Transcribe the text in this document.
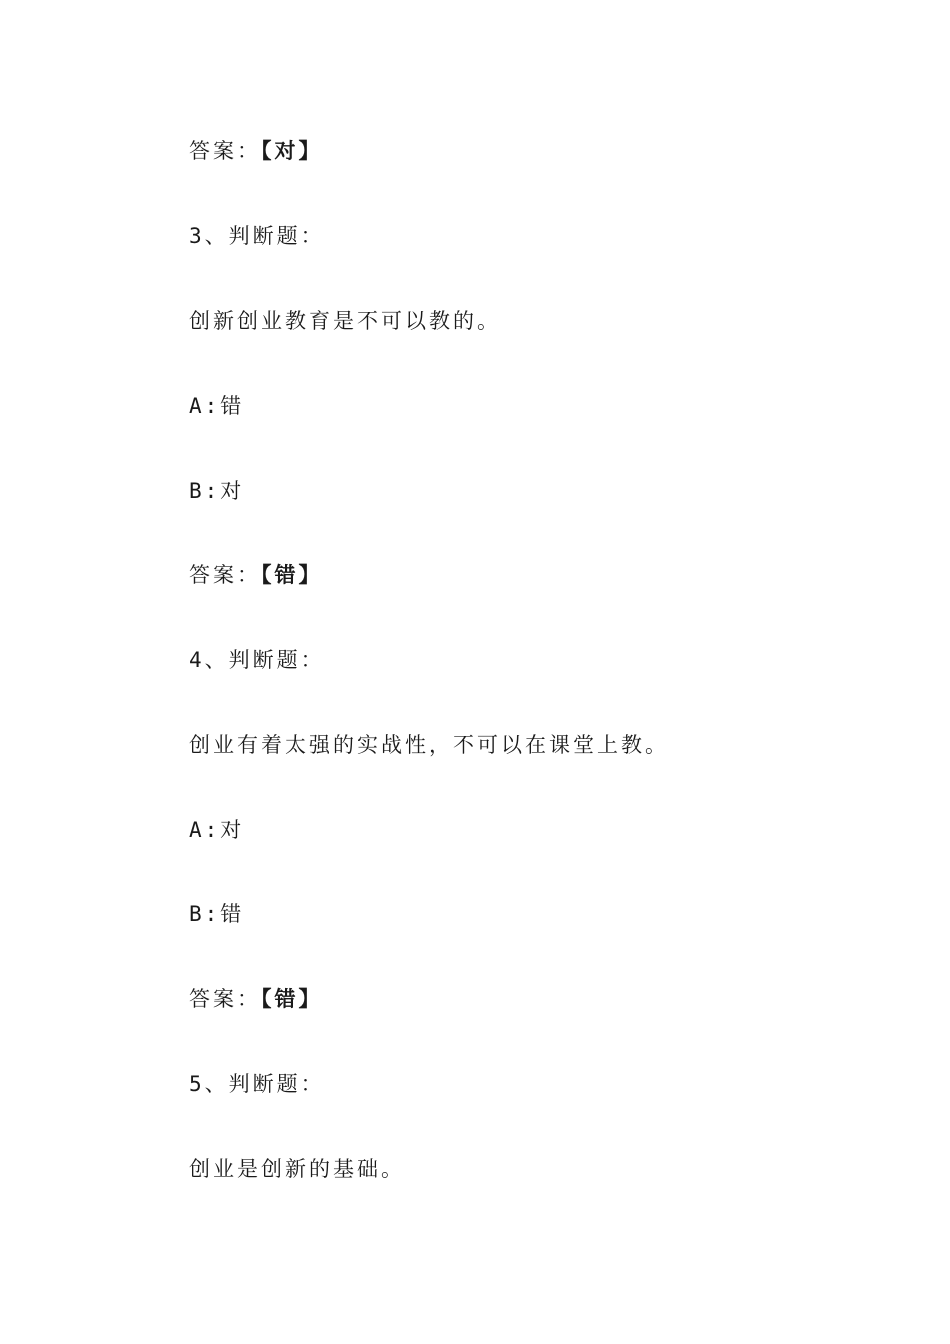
答案：【对】
3、判断题：
创新创业教育是不可以教的。
A:错
B:对
答案：【错】
4、判断题：
创业有着太强的实战性，不可以在课堂上教。
A:对
B:错
答案：【错】
5、判断题：
创业是创新的基础。
